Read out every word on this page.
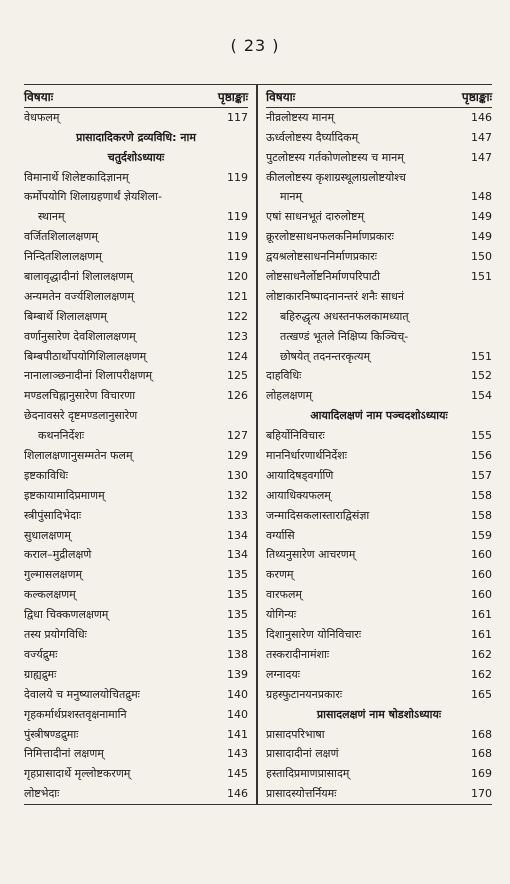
( 23 )
विषयाः	पृष्ठाङ्काः
वेधफलम्	117
प्रासादादिकरणे द्रव्यविधि: नाम
चतुर्दशोऽध्यायः
विमानार्थे शिलेष्टकादिज्ञानम्	119
कर्मोपयोगि शिलाग्रहणार्थं ज्ञेयशिला-
स्थानम्	119
वर्जितशिलालक्षणम्	119
निन्दितशिलालक्षणम्	119
बालावृद्धादीनां शिलालक्षणम्	120
अन्यमतेन वर्ज्यशिलालक्षणम्	121
बिम्बार्थे शिलालक्षणम्	122
वर्णानुसारेण देवशिलालक्षणम्	123
बिम्बपीठार्थोपयोगिशिलालक्षणम्	124
नानालाञ्छनादीनां शिलापरीक्षणम्	125
मण्डलचिह्नानुसारेण विचारणा	126
छेदनावसरे दृष्टमण्डलानुसारेण
कथननिर्देशः	127
शिलालक्षणानुसम्मतेन फलम्	129
इष्टकाविधिः	130
इष्टकायामादिप्रमाणम्	132
स्त्रीपुंसादिभेदाः	133
सुधालक्षणम्	134
कराल–मुद्रीलक्षणे	134
गुल्मासलक्षणम्	135
कल्कलक्षणम्	135
द्विधा चिक्कणलक्षणम्	135
तस्य प्रयोगविधिः	135
वर्ज्यद्रुमः	138
ग्राह्यद्रुमः	139
देवालये च मनुष्यालयोचितद्रुमः	140
गृहकर्मार्थप्रशस्तवृक्षनामानि	140
पुंस्त्रीषण्डद्रुमाः	141
निमित्तादीनां लक्षणम्	143
गृहप्रासादार्थे मृल्लोष्टकरणम्	145
लोष्टभेदाः	146
विषयाः	पृष्ठाङ्काः
नीव्रलोष्टस्य मानम्	146
ऊर्ध्वलोष्टस्य दैर्घ्यादिकम्	147
पुटलोष्टस्य गर्तकोणलोष्टस्य च मानम्	147
कीललोष्टस्य कृशाग्रस्थूलाग्रलोष्टयोश्च
मानम्	148
एषां साधनभूतं दारुलोष्टम्	149
क्रूरलोष्टसाधनफलकनिर्माणप्रकारः	149
द्वयश्रलोष्टसाधननिर्माणप्रकारः	150
लोष्टसाधनैर्लोष्टनिर्माणपरिपाटी	151
लोष्टाकारनिष्पादनानन्तरं शनैः साधनं
बहिरुद्धृत्य अधस्तनफलकामध्यात्
तत्खण्डं भूतले निक्षिप्य किञ्चिच्-
छोषयेत् तदनन्तरकृत्यम्	151
दाहविधिः	152
लोहलक्षणम्	154
आयादिलक्षणं नाम पञ्चदशोऽध्यायः
बहिर्योनिविचारः	155
माननिर्धारणार्थनिर्देशः	156
आयादिषड्वर्गाणि	157
आयाधिक्यफलम्	158
जन्मादिसकलास्ताराद्विसंज्ञा	158
वर्ग्यासि	159
तिथ्यनुसारेण आचरणम्	160
करणम्	160
वारफलम्	160
योगिन्यः	161
दिशानुसारेण योनिविचारः	161
तस्करादीनामंशाः	162
लग्नादयः	162
ग्रहस्फुटानयनप्रकारः	165
प्रासादलक्षणं नाम षोडशोऽध्यायः
प्रासादपरिभाषा	168
प्रासादादीनां लक्षणं	168
हस्तादिप्रमाणप्रासादम्	169
प्रासादस्योत्तर्नियमः	170
